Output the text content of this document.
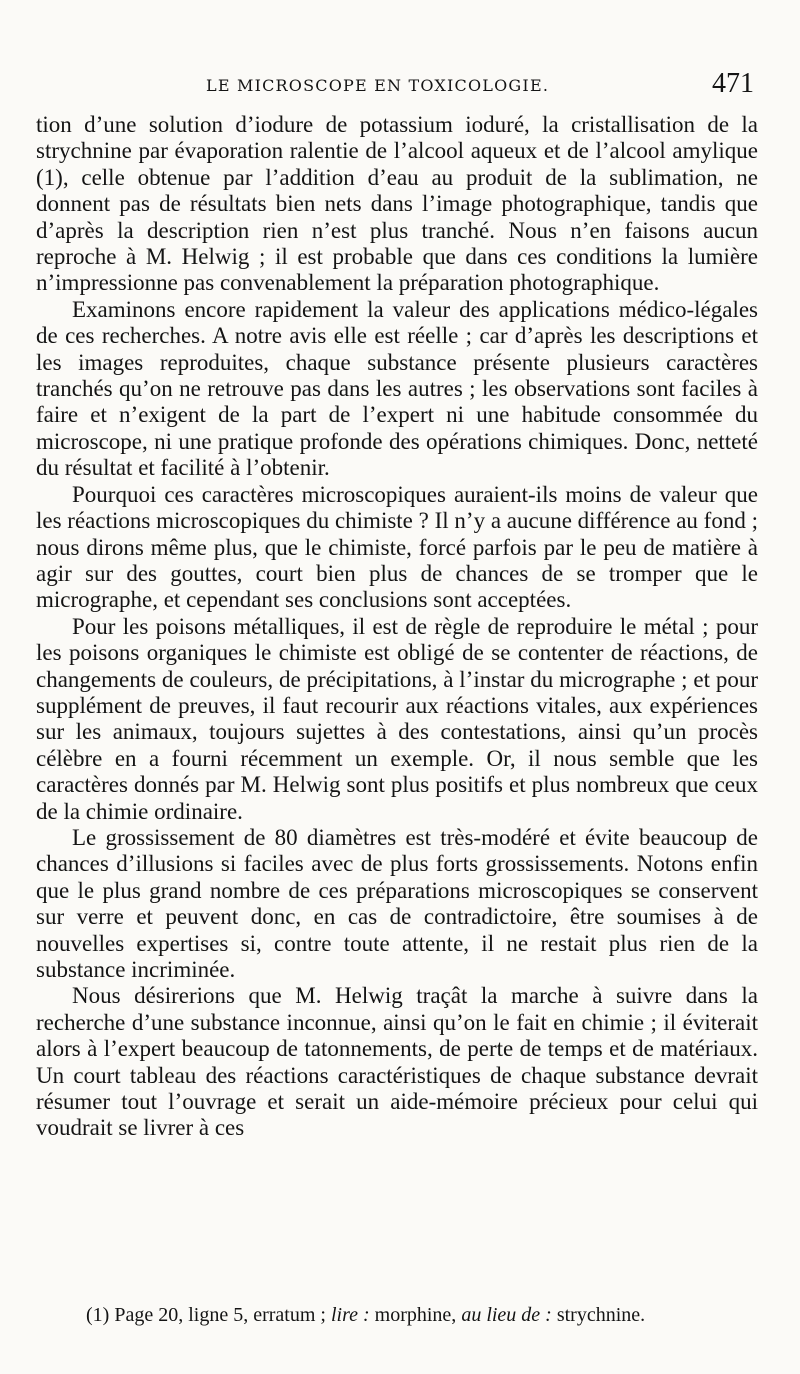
LE MICROSCOPE EN TOXICOLOGIE.	471

tion d’une solution d’iodure de potassium ioduré, la cristallisation de la strychnine par évaporation ralentie de l’alcool aqueux et de l’alcool amylique (1), celle obtenue par l’addition d’eau au produit de la sublimation, ne donnent pas de résultats bien nets dans l’image photographique, tandis que d’après la description rien n’est plus tranché. Nous n’en faisons aucun reproche à M. Helwig ; il est probable que dans ces conditions la lumière n’impressionne pas convenablement la préparation photographique.

Examinons encore rapidement la valeur des applications médico-légales de ces recherches. A notre avis elle est réelle ; car d’après les descriptions et les images reproduites, chaque substance présente plusieurs caractères tranchés qu’on ne retrouve pas dans les autres ; les observations sont faciles à faire et n’exigent de la part de l’expert ni une habitude consommée du microscope, ni une pratique profonde des opérations chimiques. Donc, netteté du résultat et facilité à l’obtenir.

Pourquoi ces caractères microscopiques auraient-ils moins de valeur que les réactions microscopiques du chimiste ? Il n’y a aucune différence au fond ; nous dirons même plus, que le chimiste, forcé parfois par le peu de matière à agir sur des gouttes, court bien plus de chances de se tromper que le micrographe, et cependant ses conclusions sont acceptées.

Pour les poisons métalliques, il est de règle de reproduire le métal ; pour les poisons organiques le chimiste est obligé de se contenter de réactions, de changements de couleurs, de précipitations, à l’instar du micrographe ; et pour supplément de preuves, il faut recourir aux réactions vitales, aux expériences sur les animaux, toujours sujettes à des contestations, ainsi qu’un procès célèbre en a fourni récemment un exemple. Or, il nous semble que les caractères donnés par M. Helwig sont plus positifs et plus nombreux que ceux de la chimie ordinaire.

Le grossissement de 80 diamètres est très-modéré et évite beaucoup de chances d’illusions si faciles avec de plus forts grossissements. Notons enfin que le plus grand nombre de ces préparations microscopiques se conservent sur verre et peuvent donc, en cas de contradictoire, être soumises à de nouvelles expertises si, contre toute attente, il ne restait plus rien de la substance incriminée.

Nous désirerions que M. Helwig traçât la marche à suivre dans la recherche d’une substance inconnue, ainsi qu’on le fait en chimie ; il éviterait alors à l’expert beaucoup de tatonnements, de perte de temps et de matériaux. Un court tableau des réactions caractéristiques de chaque substance devrait résumer tout l’ouvrage et serait un aide-mémoire précieux pour celui qui voudrait se livrer à ces

(1) Page 20, ligne 5, erratum ; lire : morphine, au lieu de : strychnine.
